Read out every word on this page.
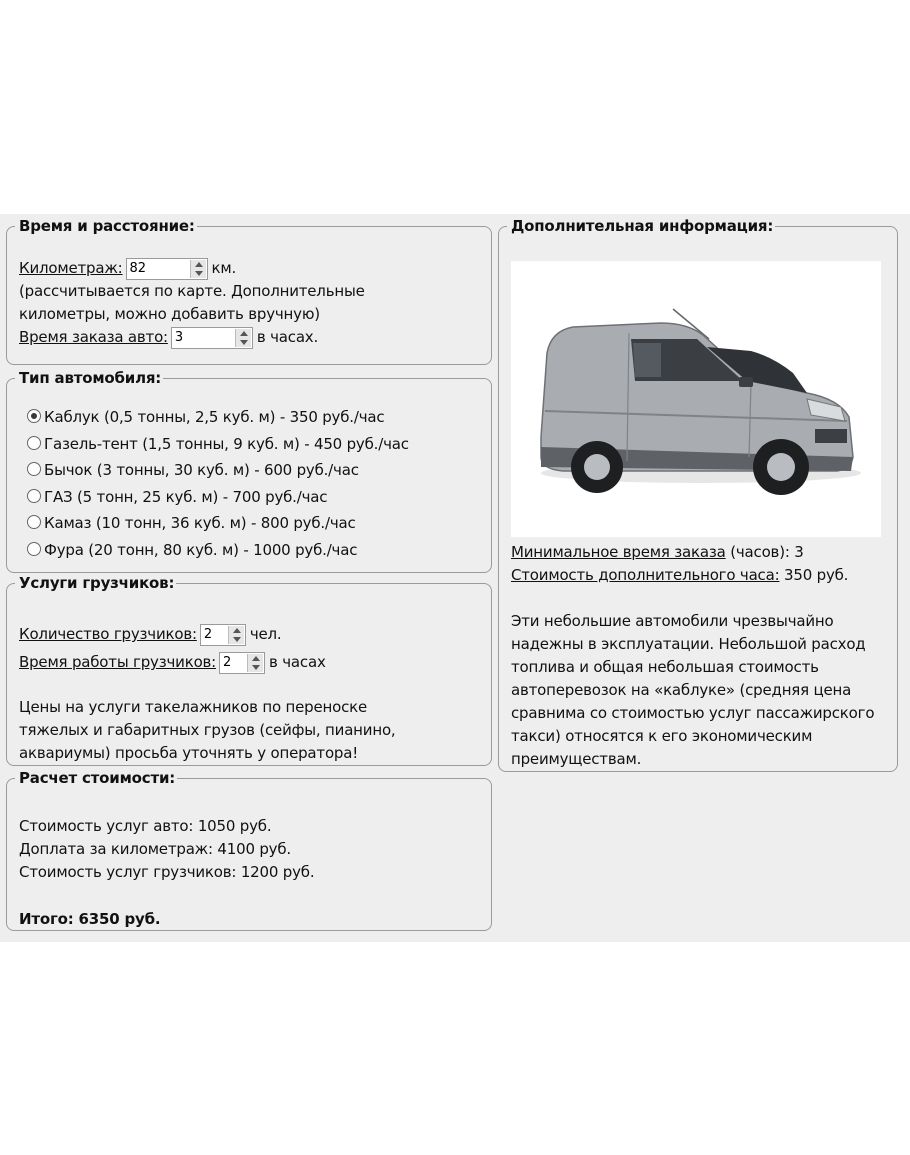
Время и расстояние:
Километраж:
82	км.
(рассчитывается по карте. Дополнительные километры, можно добавить вручную)
Время заказа авто:
3	в часах.
Тип автомобиля:
Каблук (0,5 тонны, 2,5 куб. м) - 350 руб./час
Газель-тент (1,5 тонны, 9 куб. м) - 450 руб./час
Бычок (3 тонны, 30 куб. м) - 600 руб./час
ГАЗ (5 тонн, 25 куб. м) - 700 руб./час
Камаз (10 тонн, 36 куб. м) - 800 руб./час
Фура (20 тонн, 80 куб. м) - 1000 руб./час
Услуги грузчиков:
Количество грузчиков:
2	чел.
Время работы грузчиков:
2	в часах
Цены на услуги такелажников по переноске тяжелых и габаритных грузов (сейфы, пианино, аквариумы) просьба уточнять у оператора!
Расчет стоимости:
Стоимость услуг авто: 1050 руб.
Доплата за километраж: 4100 руб.
Стоимость услуг грузчиков: 1200 руб.
Итого: 6350 руб.
Дополнительная информация:
Минимальное время заказа (часов): 3
Стоимость дополнительного часа: 350 руб.
Эти небольшие автомобили чрезвычайно надежны в эксплуатации. Небольшой расход топлива и общая небольшая стоимость автоперевозок на «каблуке» (средняя цена сравнима со стоимостью услуг пассажирского такси) относятся к его экономическим преимуществам.
